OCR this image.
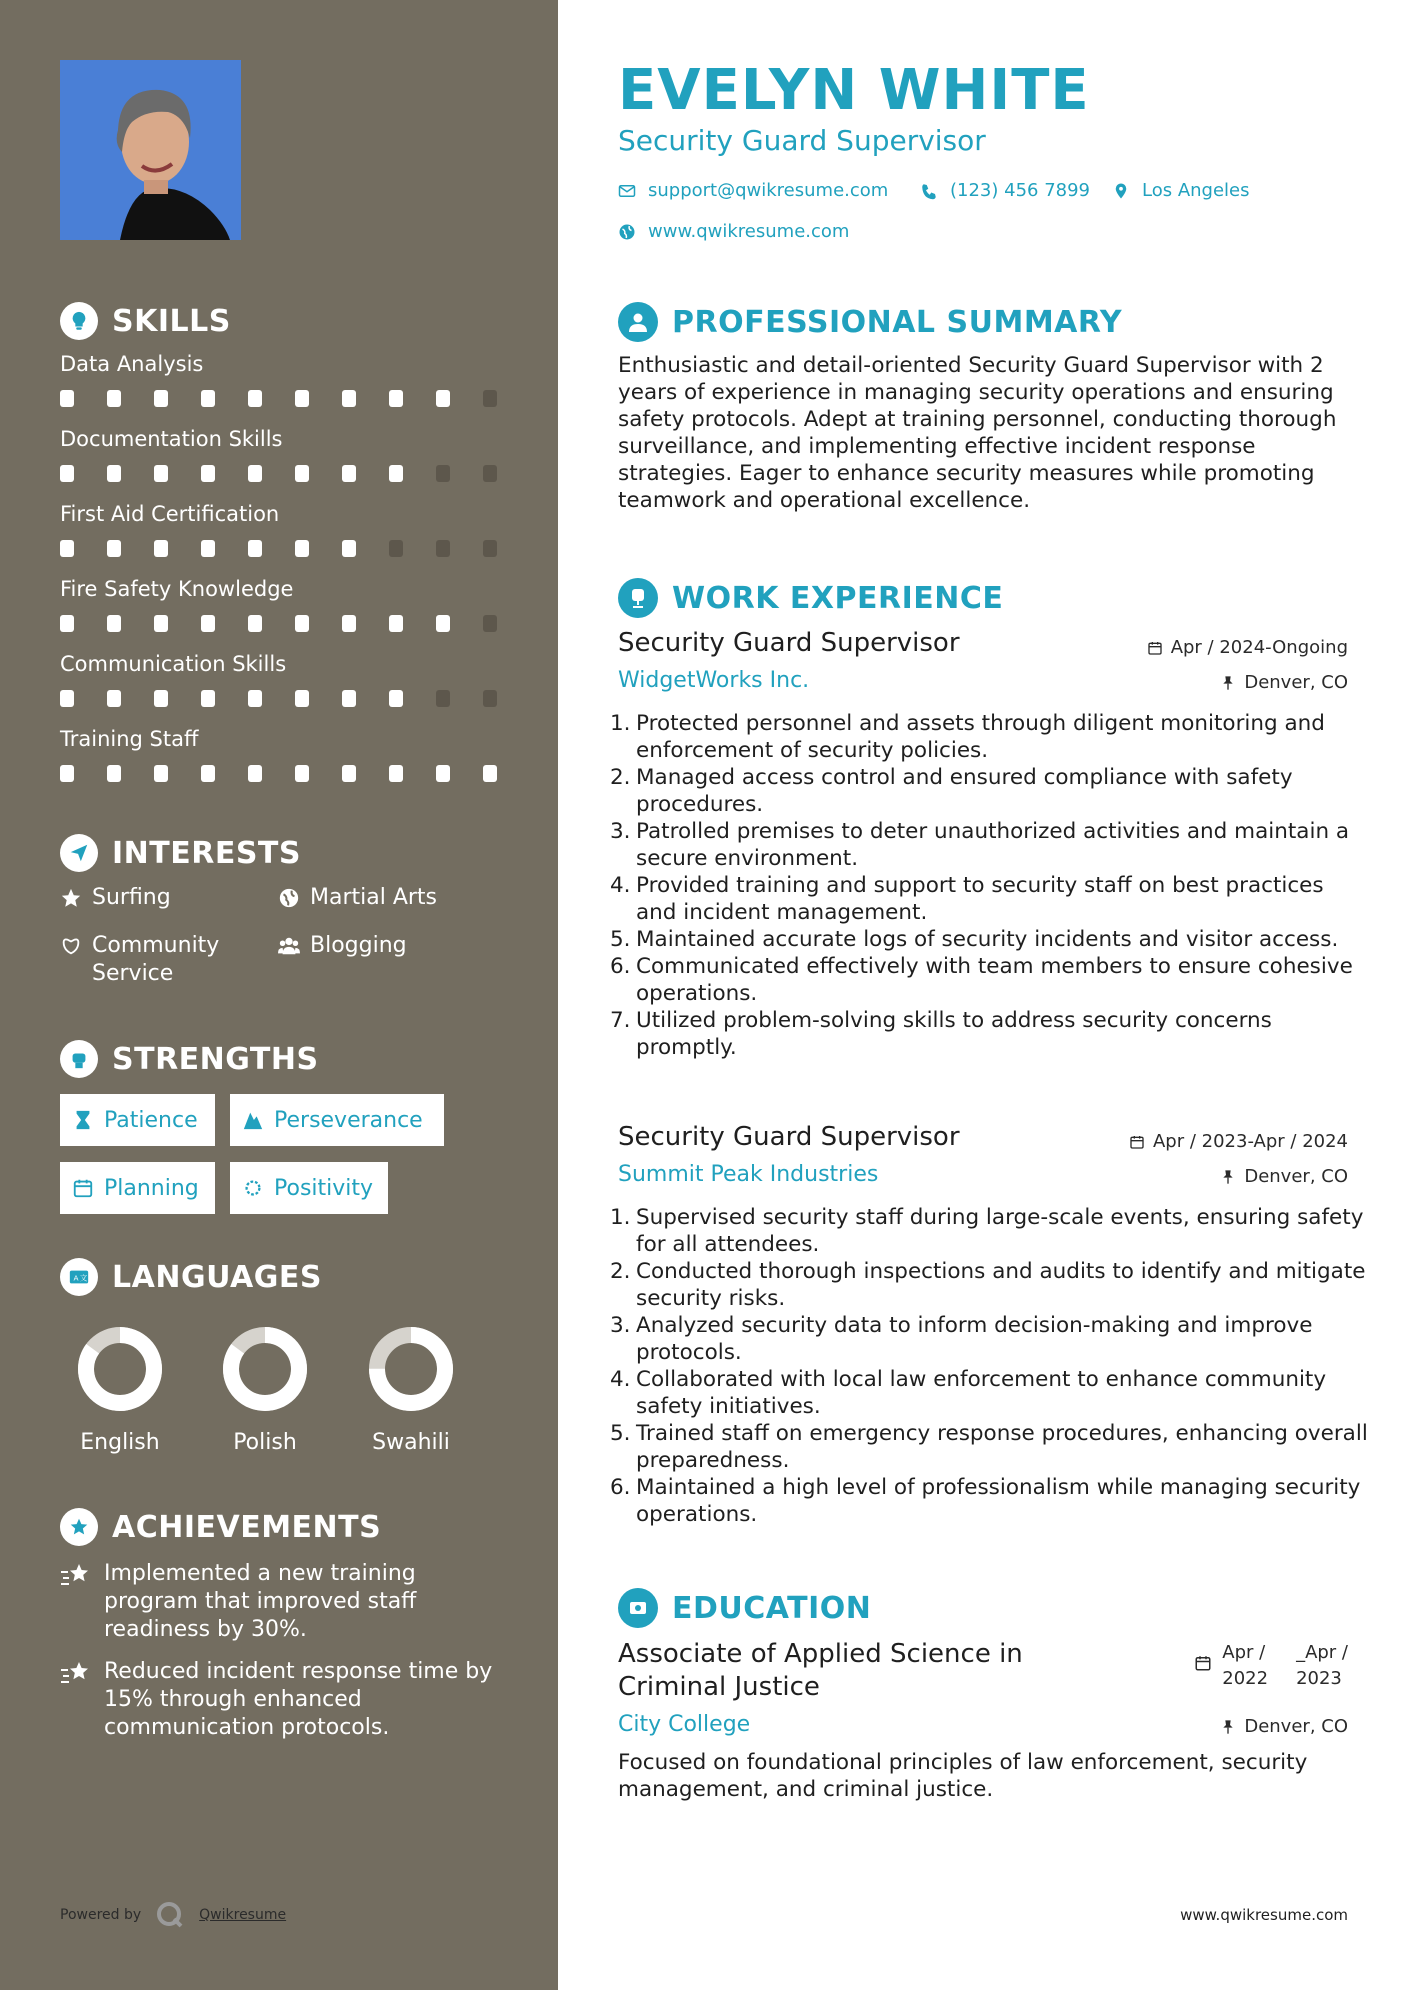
SKILLS
Data Analysis
Documentation Skills
First Aid Certification
Fire Safety Knowledge
Communication Skills
Training Staff
INTERESTS
Surfing	Martial Arts
Community Service
Blogging
STRENGTHS
Patience	Perseverance
Planning	Positivity
A 文 LANGUAGES
English	Polish	Swahili
ACHIEVEMENTS
Implemented a new training program that improved staff readiness by 30%.
Reduced incident response time by 15% through enhanced communication protocols.
Powered by	Qwikresume
EVELYN WHITE
Security Guard Supervisor
support@qwikresume.com	(123) 456 7899	Los Angeles
www.qwikresume.com
PROFESSIONAL SUMMARY
Enthusiastic and detail-oriented Security Guard Supervisor with 2 years of experience in managing security operations and ensuring safety protocols. Adept at training personnel, conducting thorough surveillance, and implementing effective incident response strategies. Eager to enhance security measures while promoting teamwork and operational excellence.
WORK EXPERIENCE
Security Guard Supervisor	Apr / 2024-Ongoing
WidgetWorks Inc.	Denver, CO
1. Protected personnel and assets through diligent monitoring and enforcement of security policies.
2. Managed access control and ensured compliance with safety procedures.
3. Patrolled premises to deter unauthorized activities and maintain a secure environment.
4. Provided training and support to security staff on best practices and incident management.
5. Maintained accurate logs of security incidents and visitor access.
6. Communicated effectively with team members to ensure cohesive operations.
7. Utilized problem-solving skills to address security concerns promptly.
Security Guard Supervisor	Apr / 2023-Apr / 2024
Summit Peak Industries	Denver, CO
1. Supervised security staff during large-scale events, ensuring safety for all attendees.
2. Conducted thorough inspections and audits to identify and mitigate security risks.
3. Analyzed security data to inform decision-making and improve protocols.
4. Collaborated with local law enforcement to enhance community safety initiatives.
5. Trained staff on emergency response procedures, enhancing overall preparedness.
6. Maintained a high level of professionalism while managing security operations.
EDUCATION
Associate of Applied Science in
Criminal Justice
Apr /
2022
_Apr /
2023
City College	Denver, CO
Focused on foundational principles of law enforcement, security management, and criminal justice.
www.qwikresume.com
